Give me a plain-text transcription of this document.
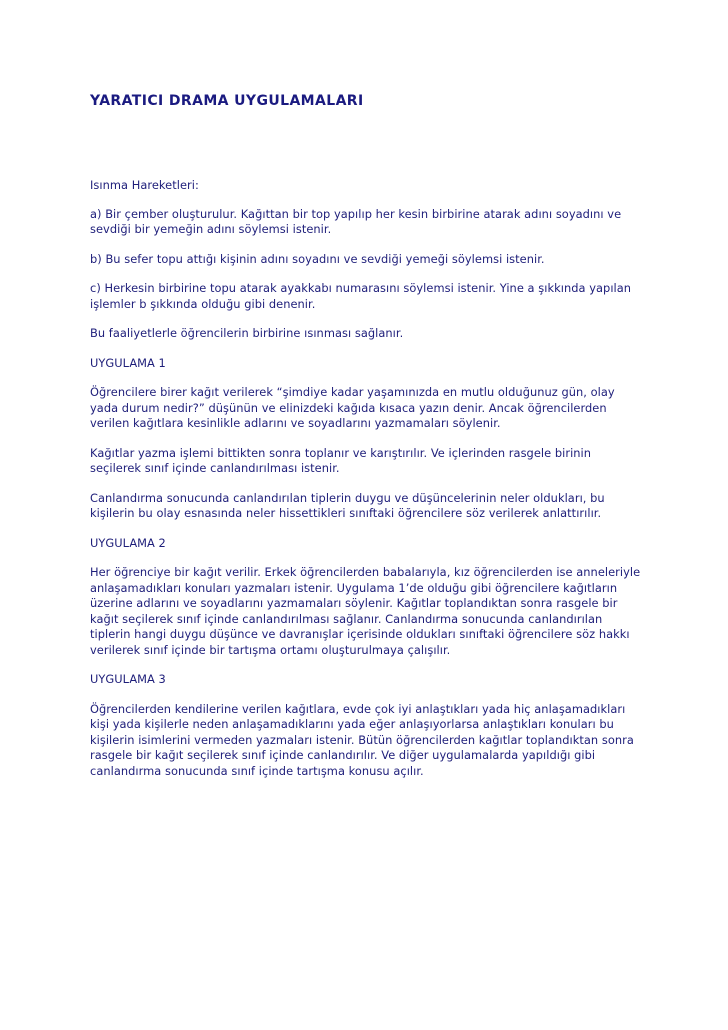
YARATICI DRAMA UYGULAMALARI

Isınma Hareketleri:

a) Bir çember oluşturulur. Kağıttan bir top yapılıp her kesin birbirine atarak adını soyadını ve sevdiği bir yemeğin adını söylemsi istenir.

b) Bu sefer topu attığı kişinin adını soyadını ve sevdiği yemeği söylemsi istenir.

c) Herkesin birbirine topu atarak ayakkabı numarasını söylemsi istenir. Yine a şıkkında yapılan işlemler b şıkkında olduğu gibi denenir.

Bu faaliyetlerle öğrencilerin birbirine ısınması sağlanır.

UYGULAMA 1

Öğrencilere birer kağıt verilerek “şimdiye kadar yaşamınızda en mutlu olduğunuz gün, olay yada durum nedir?” düşünün ve elinizdeki kağıda kısaca yazın denir. Ancak öğrencilerden verilen kağıtlara kesinlikle adlarını ve soyadlarını yazmamaları söylenir.

Kağıtlar yazma işlemi bittikten sonra toplanır ve karıştırılır. Ve içlerinden rasgele birinin seçilerek sınıf içinde canlandırılması istenir.

Canlandırma sonucunda canlandırılan tiplerin duygu ve düşüncelerinin neler oldukları, bu kişilerin bu olay esnasında neler hissettikleri sınıftaki öğrencilere söz verilerek anlattırılır.

UYGULAMA 2

Her öğrenciye bir kağıt verilir. Erkek öğrencilerden babalarıyla, kız öğrencilerden ise anneleriyle anlaşamadıkları konuları yazmaları istenir. Uygulama 1’de olduğu gibi öğrencilere kağıtların üzerine adlarını ve soyadlarını yazmamaları söylenir. Kağıtlar toplandıktan sonra rasgele bir kağıt seçilerek sınıf içinde canlandırılması sağlanır. Canlandırma sonucunda canlandırılan tiplerin hangi duygu düşünce ve davranışlar içerisinde oldukları sınıftaki öğrencilere söz hakkı verilerek sınıf içinde bir tartışma ortamı oluşturulmaya çalışılır.

UYGULAMA 3

Öğrencilerden kendilerine verilen kağıtlara, evde çok iyi anlaştıkları yada hiç anlaşamadıkları kişi yada kişilerle neden anlaşamadıklarını yada eğer anlaşıyorlarsa anlaştıkları konuları bu kişilerin isimlerini vermeden yazmaları istenir. Bütün öğrencilerden kağıtlar toplandıktan sonra rasgele bir kağıt seçilerek sınıf içinde canlandırılır. Ve diğer uygulamalarda yapıldığı gibi canlandırma sonucunda sınıf içinde tartışma konusu açılır.
